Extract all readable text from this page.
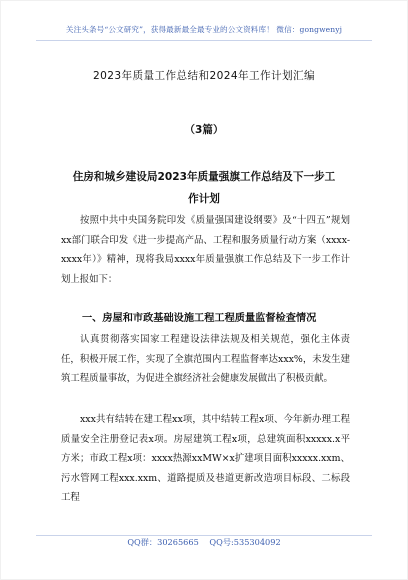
关注头条号“公文研究”，获得最新最全最专业的公文资料库！ 微信：gongwenyj
2023年质量工作总结和2024年工作计划汇编
（3篇）
住房和城乡建设局2023年质量强旗工作总结及下一步工作计划
按照中共中央国务院印发《质量强国建设纲要》及“十四五”规划xx部门联合印发《进一步提高产品、工程和服务质量行动方案（xxxx-xxxx年）》精神，现将我局xxxx年质量强旗工作总结及下一步工作计划上报如下：
一、房屋和市政基础设施工程工程质量监督检查情况
认真贯彻落实国家工程建设法律法规及相关规范，强化主体责任，积极开展工作，实现了全旗范围内工程监督率达xxx%，未发生建筑工程质量事故，为促进全旗经济社会健康发展做出了积极贡献。
xxx共有结转在建工程xx项，其中结转工程x项、今年新办理工程质量安全注册登记表x项。房屋建筑工程x项，总建筑面积xxxxx.x平方米；市政工程x项：xxxx热源xxMW×x扩建项目面积xxxxx.xxm、污水管网工程xxx.xxm、道路提质及巷道更新改造项目标段、二标段工程
QQ群：30265665 QQ号:535304092
